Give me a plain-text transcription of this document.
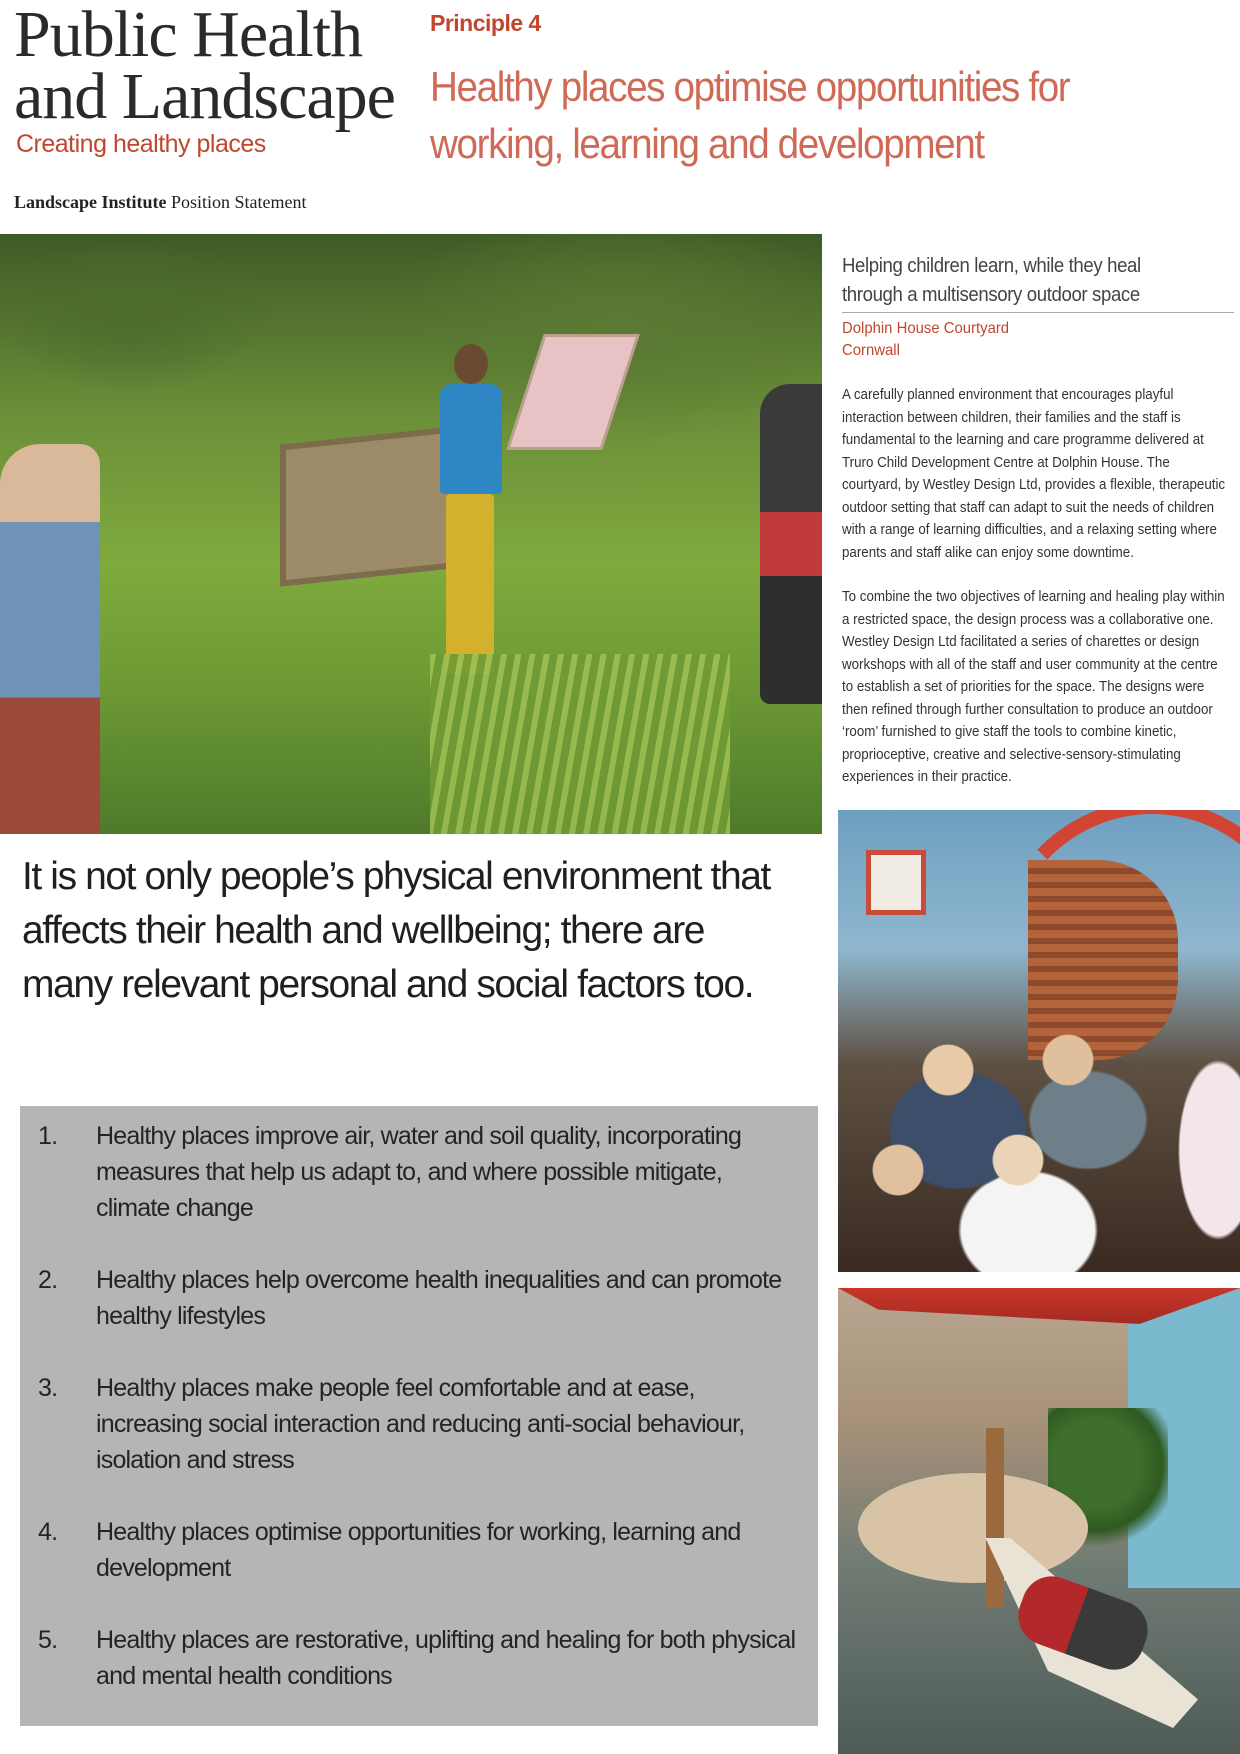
Public Health
and Landscape
Creating healthy places
Landscape Institute Position Statement
Principle 4
Healthy places optimise opportunities for working, learning and development
Helping children learn, while they heal through a multisensory outdoor space
Dolphin House Courtyard
Cornwall

A carefully planned environment that encourages playful interaction between children, their families and the staff is fundamental to the learning and care programme delivered at Truro Child Development Centre at Dolphin House. The courtyard, by Westley Design Ltd, provides a flexible, therapeutic outdoor setting that staff can adapt to suit the needs of children with a range of learning difficulties, and a relaxing setting where parents and staff alike can enjoy some downtime.

To combine the two objectives of learning and healing play within a restricted space, the design process was a collaborative one. Westley Design Ltd facilitated a series of charettes or design workshops with all of the staff and user community at the centre to establish a set of priorities for the space. The designs were then refined through further consultation to produce an outdoor ‘room’ furnished to give staff the tools to combine kinetic, proprioceptive, creative and selective-sensory-stimulating experiences in their practice.

It is not only people’s physical environment that affects their health and wellbeing; there are many relevant personal and social factors too.
1. Healthy places improve air, water and soil quality, incorporating measures that help us adapt to, and where possible mitigate, climate change
2. Healthy places help overcome health inequalities and can promote healthy lifestyles
3. Healthy places make people feel comfortable and at ease, increasing social interaction and reducing anti-social behaviour, isolation and stress
4. Healthy places optimise opportunities for working, learning and development
5. Healthy places are restorative, uplifting and healing for both physical and mental health conditions
